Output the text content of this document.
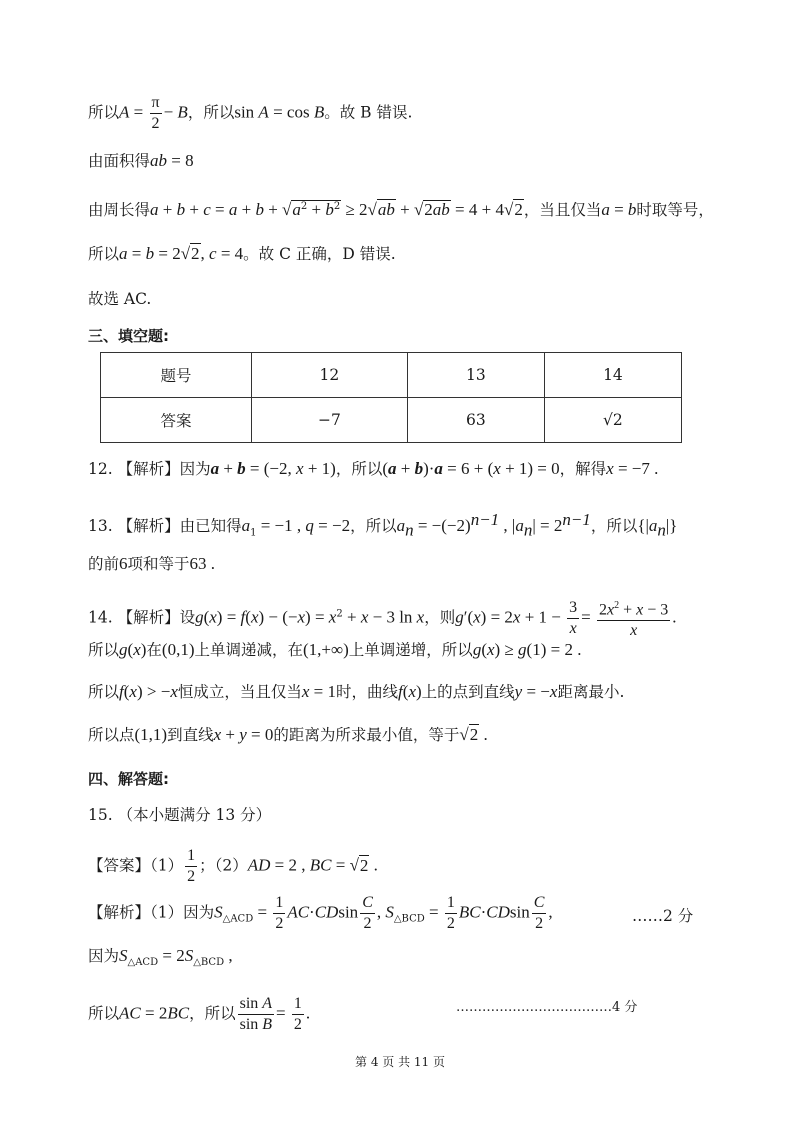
所以$A = \frac{\pi}{2} - B$，所以sin A = cos B。故 B 错误.
由面积得ab = 8
由周长得$a + b + c = a + b + √a^2 + b^2 \ge 2√ab + √2ab = 4 + 4√2$，当且仅当a = b时取等号，
所以a = b = 2√2, c = 4。故 C 正确，D 错误.
故选 AC.
三、填空题:
题号	12	13	14
答案	−7	63	√2
12. 【解析】因为a + b = (−2, x + 1)，所以(a + b)·a = 6 + (x + 1) = 0，解得x = −7 .
13. 【解析】由已知得$a_1 = -1$ , q = −2，所以$a_n = -(-2)^{n-1}$ , $|a_n| = 2^{n-1}$，所以$\{|a_n|\}$
的前6项和等于63 .
14. 【解析】设$g(x) = f(x) - (-x) = x^2 + x - 3$ ln x，则$g'(x) = 2x + 1 - \frac{3}{x} = \frac{2x^2 + x - 3}{x}$ .
所以g(x)在(0,1)上单调递减，在(1,+∞)上单调递增，所以g(x) ≥ g(1) = 2 .
所以f(x) > −x恒成立，当且仅当x = 1时，曲线f(x)上的点到直线y = −x距离最小.
所以点(1,1)到直线x + y = 0的距离为所求最小值，等于√2 .
四、解答题:
15. （本小题满分 13 分）
【答案】$(1) \frac{1}{2}$ ；（2）AD = 2 , BC = √2 .
【解析】（1）因为$S_{\triangle ACD} = \frac{1}{2} AC\cdot CDsin \frac{C}{2}$ , $S_{\triangle BCD} = \frac{1}{2} BC\cdot CDsin \frac{C}{2}$ ,	……2 分
因为$S_{\triangle ACD} = 2S_{\triangle BCD}$ ,
所以AC = 2BC，所以 $\frac{\text{sin A}}{\text{sin B}} = \frac{1}{2}$ .	………………………………4 分
第 4 页 共 11 页
